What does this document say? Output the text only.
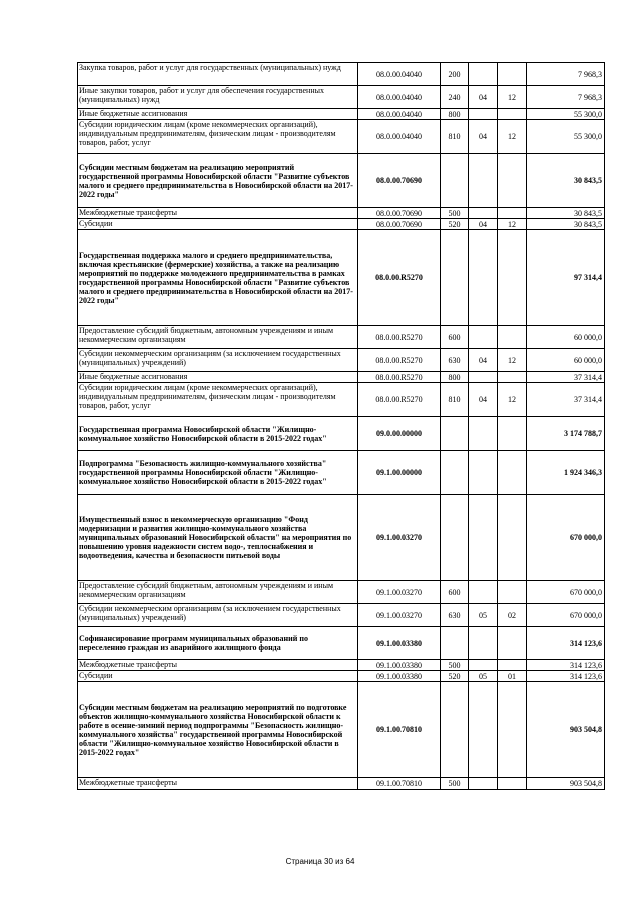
Закупка товаров, работ и услуг для государственных (муниципальных) нужд	08.0.00.04040	200			7 968,3
Иные закупки товаров, работ и услуг для обеспечения государственных (муниципальных) нужд	08.0.00.04040	240	04	12	7 968,3
Иные бюджетные ассигнования	08.0.00.04040	800			55 300,0
Субсидии юридическим лицам (кроме некоммерческих организаций), индивидуальным предпринимателям, физическим лицам - производителям товаров, работ, услуг	08.0.00.04040	810	04	12	55 300,0
Субсидии местным бюджетам на реализацию мероприятий государственной программы Новосибирской области "Развитие субъектов малого и среднего предпринимательства в Новосибирской области на 2017-2022 годы"	08.0.00.70690				30 843,5
Межбюджетные трансферты	08.0.00.70690	500			30 843,5
Субсидии	08.0.00.70690	520	04	12	30 843,5
Государственная поддержка малого и среднего предпринимательства, включая крестьянские (фермерские) хозяйства, а также на реализацию мероприятий по поддержке молодежного предпринимательства в рамках государственной программы Новосибирской области "Развитие субъектов малого и среднего предпринимательства в Новосибирской области на 2017-2022 годы"	08.0.00.R5270				97 314,4
Предоставление субсидий бюджетным, автономным учреждениям и иным некоммерческим организациям	08.0.00.R5270	600			60 000,0
Субсидии некоммерческим организациям (за исключением государственных (муниципальных) учреждений)	08.0.00.R5270	630	04	12	60 000,0
Иные бюджетные ассигнования	08.0.00.R5270	800			37 314,4
Субсидии юридическим лицам (кроме некоммерческих организаций), индивидуальным предпринимателям, физическим лицам - производителям товаров, работ, услуг	08.0.00.R5270	810	04	12	37 314,4
Государственная программа Новосибирской области "Жилищно-коммунальное хозяйство Новосибирской области в 2015-2022 годах"	09.0.00.00000				3 174 788,7
Подпрограмма "Безопасность жилищно-коммунального хозяйства" государственной программы Новосибирской области "Жилищно-коммунальное хозяйство Новосибирской области в 2015-2022 годах"	09.1.00.00000				1 924 346,3
Имущественный взнос в некоммерческую организацию "Фонд модернизации и развития жилищно-коммунального хозяйства муниципальных образований Новосибирской области" на мероприятия по повышению уровня надежности систем водо-, теплоснабжения и водоотведения, качества и безопасности питьевой воды	09.1.00.03270				670 000,0
Предоставление субсидий бюджетным, автономным учреждениям и иным некоммерческим организациям	09.1.00.03270	600			670 000,0
Субсидии некоммерческим организациям (за исключением государственных (муниципальных) учреждений)	09.1.00.03270	630	05	02	670 000,0
Софинансирование программ муниципальных образований по переселению граждан из аварийного жилищного фонда	09.1.00.03380				314 123,6
Межбюджетные трансферты	09.1.00.03380	500			314 123,6
Субсидии	09.1.00.03380	520	05	01	314 123,6
Субсидии местным бюджетам на реализацию мероприятий по подготовке объектов жилищно-коммунального хозяйства Новосибирской области к работе в осенне-зимний период подпрограммы "Безопасность жилищно-коммунального хозяйства" государственной программы Новосибирской области "Жилищно-коммунальное хозяйство Новосибирской области в 2015-2022 годах"	09.1.00.70810				903 504,8
Межбюджетные трансферты	09.1.00.70810	500			903 504,8
Страница 30 из 64
